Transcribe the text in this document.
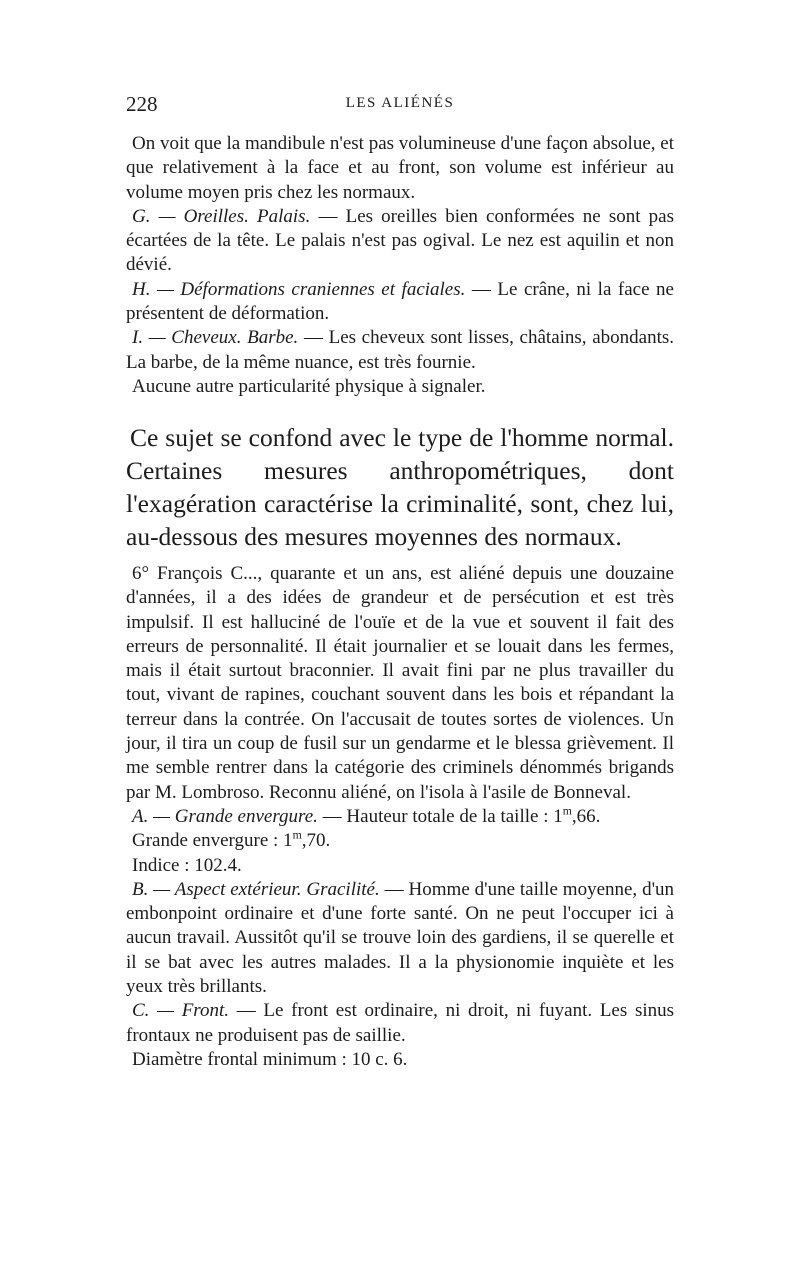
228	LES ALIÉNÉS

On voit que la mandibule n'est pas volumineuse d'une façon absolue, et que relativement à la face et au front, son volume est inférieur au volume moyen pris chez les normaux.

G. — Oreilles. Palais. — Les oreilles bien conformées ne sont pas écartées de la tête. Le palais n'est pas ogival. Le nez est aquilin et non dévié.

H. — Déformations craniennes et faciales. — Le crâne, ni la face ne présentent de déformation.

I. — Cheveux. Barbe. — Les cheveux sont lisses, châtains, abondants. La barbe, de la même nuance, est très fournie.

Aucune autre particularité physique à signaler.

Ce sujet se confond avec le type de l'homme normal. Certaines mesures anthropométriques, dont l'exagération caractérise la criminalité, sont, chez lui, au-dessous des mesures moyennes des normaux.

6° François C..., quarante et un ans, est aliéné depuis une douzaine d'années, il a des idées de grandeur et de persécution et est très impulsif. Il est halluciné de l'ouïe et de la vue et souvent il fait des erreurs de personnalité. Il était journalier et se louait dans les fermes, mais il était surtout braconnier. Il avait fini par ne plus travailler du tout, vivant de rapines, couchant souvent dans les bois et répandant la terreur dans la contrée. On l'accusait de toutes sortes de violences. Un jour, il tira un coup de fusil sur un gendarme et le blessa grièvement. Il me semble rentrer dans la catégorie des criminels dénommés brigands par M. Lombroso. Reconnu aliéné, on l'isola à l'asile de Bonneval.

A. — Grande envergure. — Hauteur totale de la taille : 1$^m$,66.

Grande envergure : 1$^m$,70.

Indice : 102.4.

B. — Aspect extérieur. Gracilité. — Homme d'une taille moyenne, d'un embonpoint ordinaire et d'une forte santé. On ne peut l'occuper ici à aucun travail. Aussitôt qu'il se trouve loin des gardiens, il se querelle et il se bat avec les autres malades. Il a la physionomie inquiète et les yeux très brillants.

C. — Front. — Le front est ordinaire, ni droit, ni fuyant. Les sinus frontaux ne produisent pas de saillie.

Diamètre frontal minimum : 10 c. 6.
